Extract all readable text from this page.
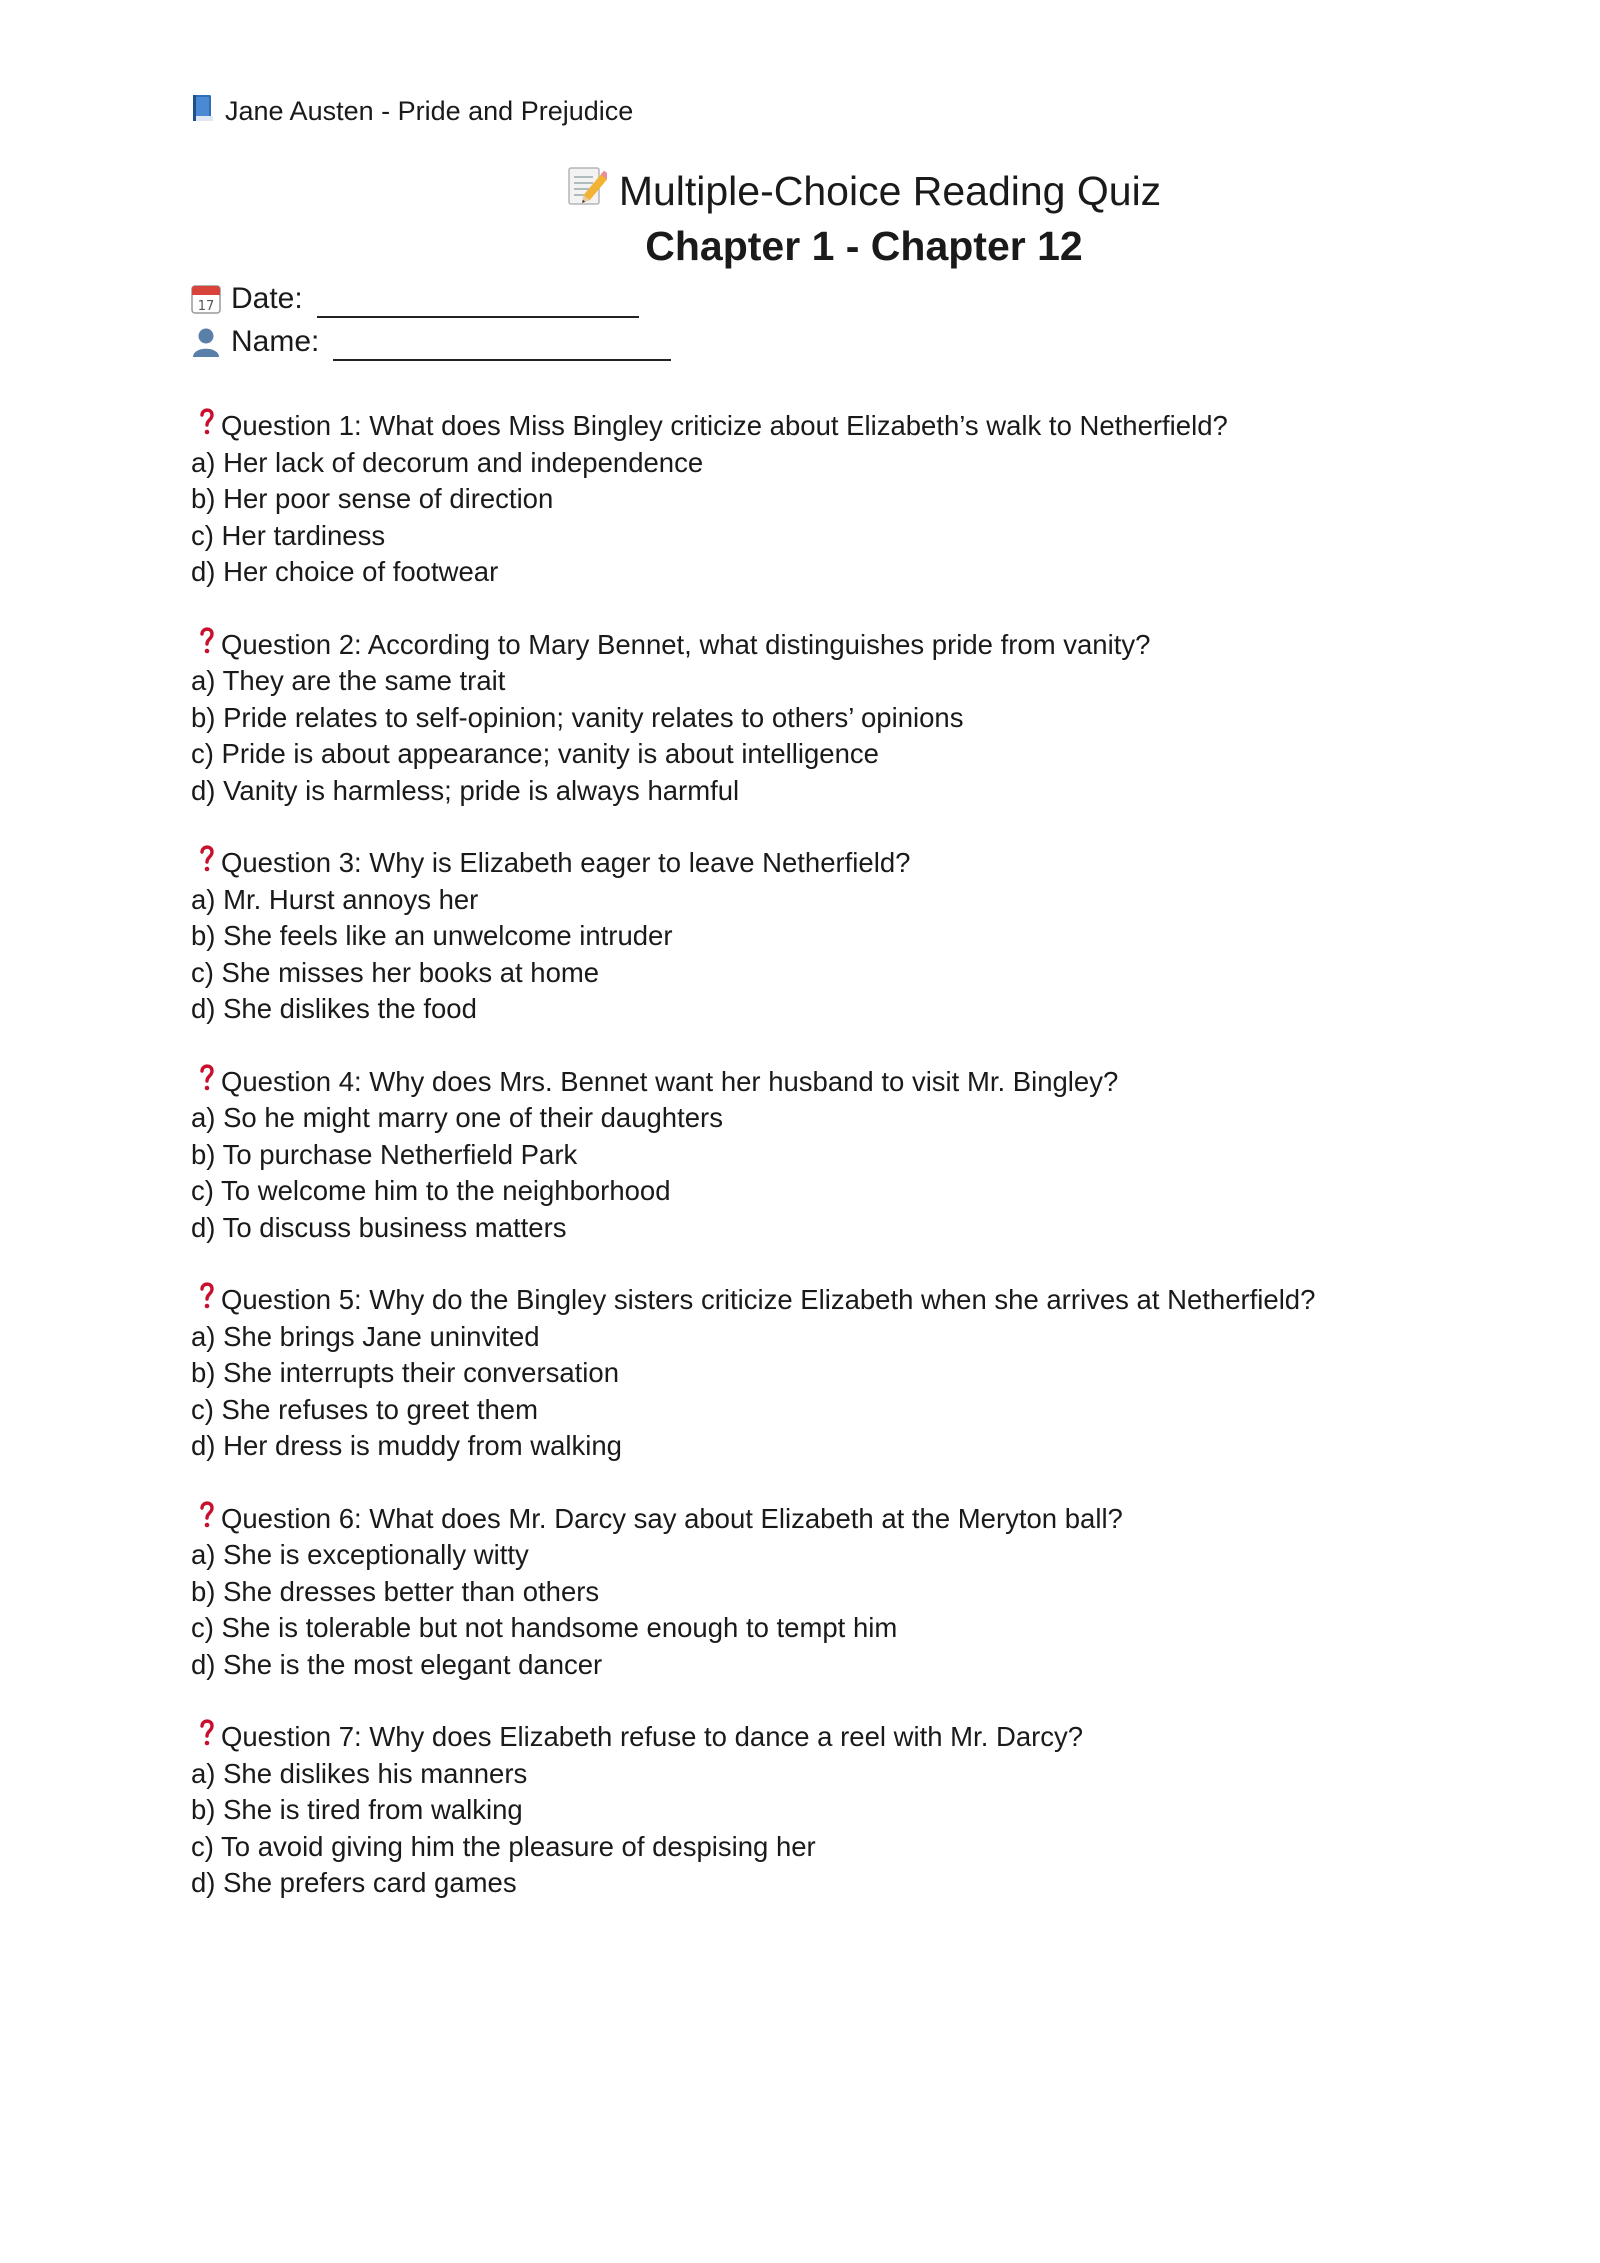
Jane Austen - Pride and Prejudice
Multiple-Choice Reading Quiz
Chapter 1 - Chapter 12
17 Date:
Name:
Question 1: What does Miss Bingley criticize about Elizabeth’s walk to Netherfield?
a) Her lack of decorum and independence
b) Her poor sense of direction
c) Her tardiness
d) Her choice of footwear
Question 2: According to Mary Bennet, what distinguishes pride from vanity?
a) They are the same trait
b) Pride relates to self-opinion; vanity relates to others’ opinions
c) Pride is about appearance; vanity is about intelligence
d) Vanity is harmless; pride is always harmful
Question 3: Why is Elizabeth eager to leave Netherfield?
a) Mr. Hurst annoys her
b) She feels like an unwelcome intruder
c) She misses her books at home
d) She dislikes the food
Question 4: Why does Mrs. Bennet want her husband to visit Mr. Bingley?
a) So he might marry one of their daughters
b) To purchase Netherfield Park
c) To welcome him to the neighborhood
d) To discuss business matters
Question 5: Why do the Bingley sisters criticize Elizabeth when she arrives at Netherfield?
a) She brings Jane uninvited
b) She interrupts their conversation
c) She refuses to greet them
d) Her dress is muddy from walking
Question 6: What does Mr. Darcy say about Elizabeth at the Meryton ball?
a) She is exceptionally witty
b) She dresses better than others
c) She is tolerable but not handsome enough to tempt him
d) She is the most elegant dancer
Question 7: Why does Elizabeth refuse to dance a reel with Mr. Darcy?
a) She dislikes his manners
b) She is tired from walking
c) To avoid giving him the pleasure of despising her
d) She prefers card games
